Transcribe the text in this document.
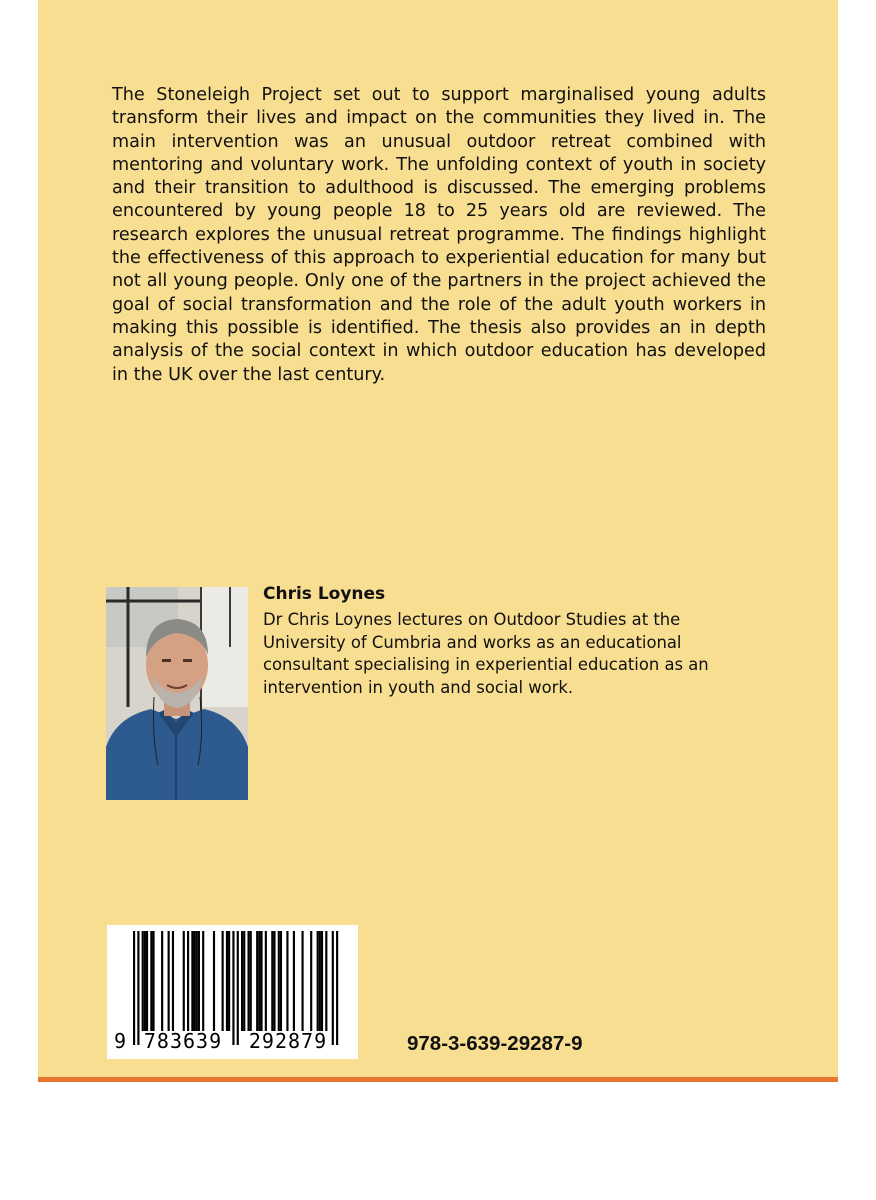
The Stoneleigh Project set out to support marginalised young adults transform their lives and impact on the communities they lived in. The main intervention was an unusual outdoor retreat combined with mentoring and voluntary work. The unfolding context of youth in society and their transition to adulthood is discussed. The emerging problems encountered by young people 18 to 25 years old are reviewed. The research explores the unusual retreat programme. The findings highlight the effectiveness of this approach to experiential education for many but not all young people. Only one of the partners in the project achieved the goal of social transformation and the role of the adult youth workers in making this possible is identified. The thesis also provides an in depth analysis of the social context in which outdoor education has developed in the UK over the last century.

Chris Loynes

Dr Chris Loynes lectures on Outdoor Studies at the University of Cumbria and works as an educational consultant specialising in experiential education as an intervention in youth and social work.

9 783639	292879	978-3-639-29287-9
